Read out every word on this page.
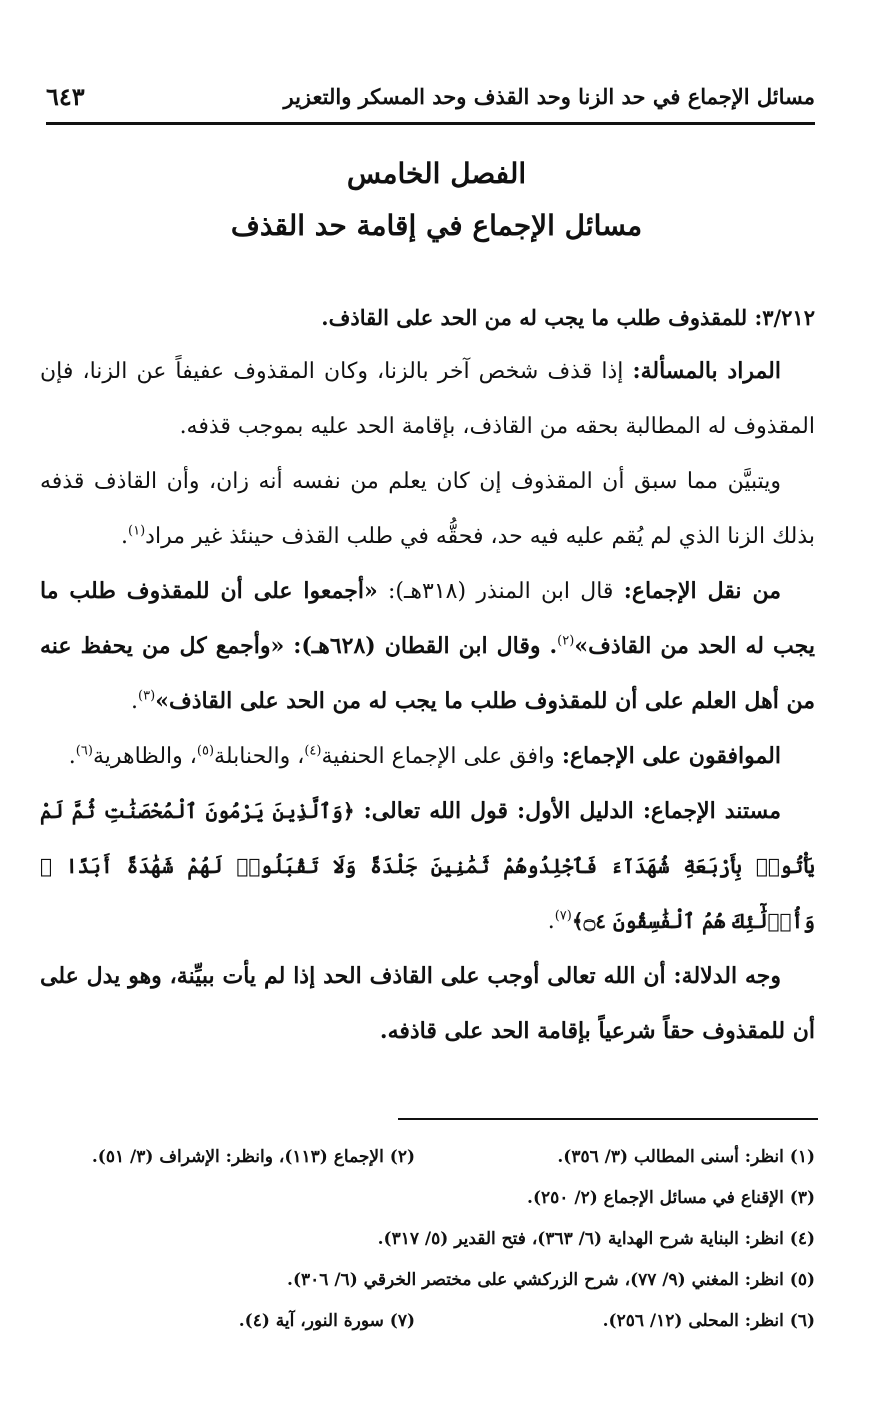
مسائل الإجماع في حد الزنا وحد القذف وحد المسكر والتعزير
٦٤٣
الفصل الخامس
مسائل الإجماع في إقامة حد القذف
٣/٢١٢: للمقذوف طلب ما يجب له من الحد على القاذف.

المراد بالمسألة: إذا قذف شخص آخر بالزنا، وكان المقذوف عفيفاً عن الزنا، فإن المقذوف له المطالبة بحقه من القاذف، بإقامة الحد عليه بموجب قذفه.

ويتبيَّن مما سبق أن المقذوف إن كان يعلم من نفسه أنه زان، وأن القاذف قذفه بذلك الزنا الذي لم يُقم عليه فيه حد، فحقُّه في طلب القذف حينئذ غير مراد$^{(١)}$.

من نقل الإجماع: قال ابن المنذر (٣١٨هـ): «أجمعوا على أن للمقذوف طلب ما يجب له الحد من القاذف»$^{(٢)}$. وقال ابن القطان (٦٢٨هـ): «وأجمع كل من يحفظ عنه من أهل العلم على أن للمقذوف طلب ما يجب له من الحد على القاذف»$^{(٣)}$.

الموافقون على الإجماع: وافق على الإجماع الحنفية$^{(٤)}$، والحنابلة$^{(٥)}$، والظاهرية$^{(٦)}$.

مستند الإجماع: الدليل الأول: قول الله تعالى: ﴿وَٱلَّذِينَ يَرْمُونَ ٱلْمُحْصَنَٰتِ ثُمَّ لَمْ يَأْتُوا۟ بِأَرْبَعَةِ شُهَدَآءَ فَٱجْلِدُوهُمْ ثَمَٰنِينَ جَلْدَةً وَلَا تَقْبَلُوا۟ لَهُمْ شَهَٰدَةً أَبَدًا ۚ وَأُو۟لَٰٓئِكَ هُمُ ٱلْفَٰسِقُونَ ۝٤﴾$^{(٧)}$.

وجه الدلالة: أن الله تعالى أوجب على القاذف الحد إذا لم يأت ببيِّنة، وهو يدل على أن للمقذوف حقاً شرعياً بإقامة الحد على قاذفه.

(١) انظر: أسنى المطالب (٣/ ٣٥٦).
(٢) الإجماع (١١٣)، وانظر: الإشراف (٣/ ٥١).
(٣) الإقناع في مسائل الإجماع (٢/ ٢٥٠).
(٤) انظر: البناية شرح الهداية (٦/ ٣٦٣)، فتح القدير (٥/ ٣١٧).
(٥) انظر: المغني (٩/ ٧٧)، شرح الزركشي على مختصر الخرقي (٦/ ٣٠٦).
(٦) انظر: المحلى (١٢/ ٢٥٦).
(٧) سورة النور، آية (٤).
